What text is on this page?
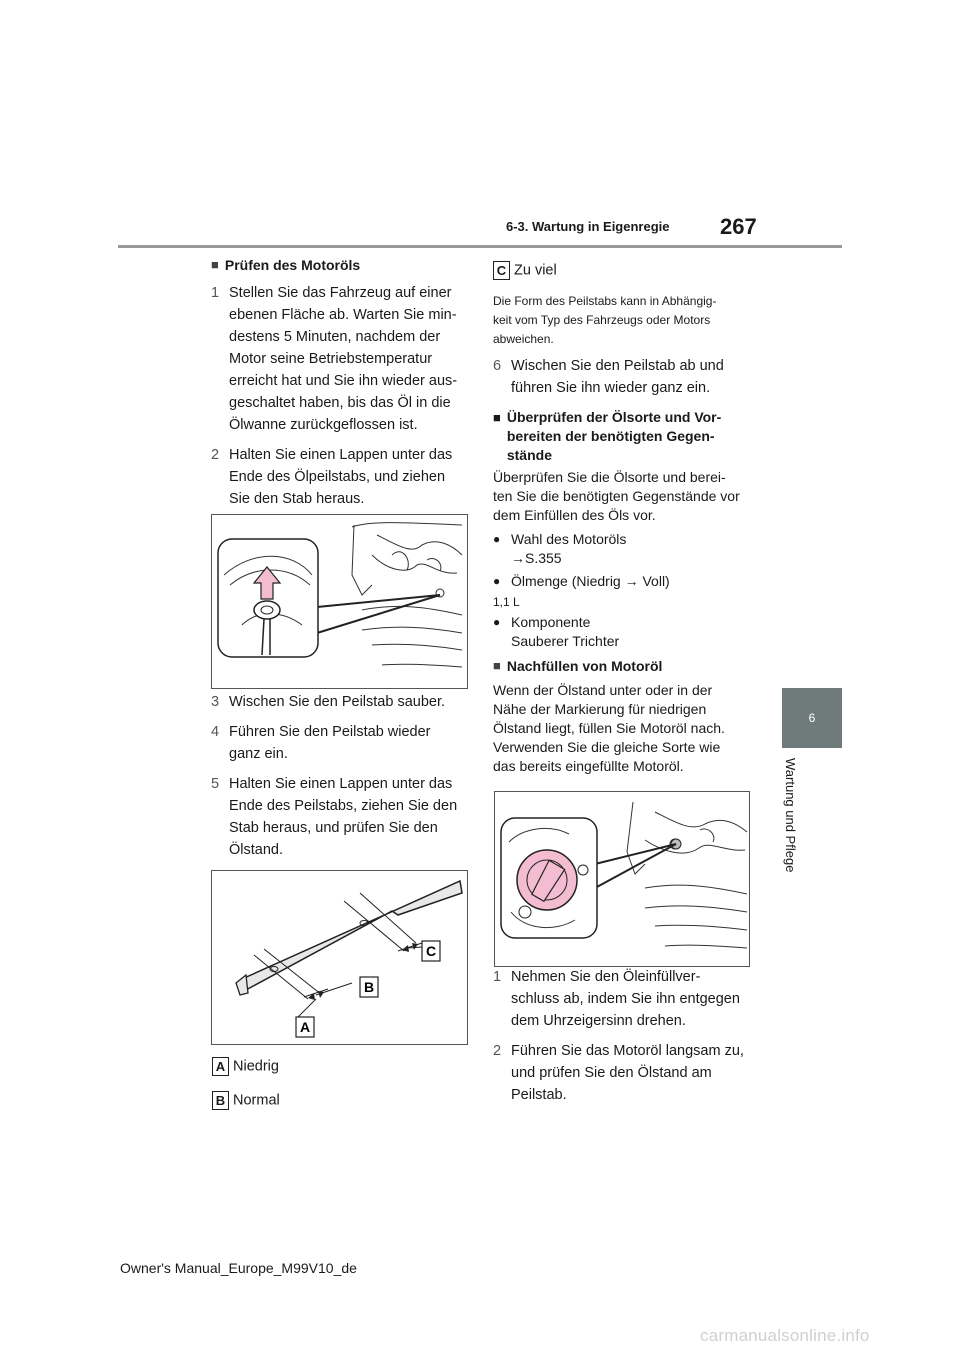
6-3. Wartung in Eigenregie 267
6
Wartung und Pflege
■ Prüfen des Motoröls
1 Stellen Sie das Fahrzeug auf einer
ebenen Fläche ab. Warten Sie min-
destens 5 Minuten, nachdem der
Motor seine Betriebstemperatur
erreicht hat und Sie ihn wieder aus-
geschaltet haben, bis das Öl in die
Ölwanne zurückgeflossen ist.
2 Halten Sie einen Lappen unter das
Ende des Ölpeilstabs, und ziehen
Sie den Stab heraus.
3 Wischen Sie den Peilstab sauber.
4 Führen Sie den Peilstab wieder
ganz ein.
5 Halten Sie einen Lappen unter das
Ende des Peilstabs, ziehen Sie den
Stab heraus, und prüfen Sie den
Ölstand.
C
B
A
A Niedrig
B Normal
C Zu viel
Die Form des Peilstabs kann in Abhängig-
keit vom Typ des Fahrzeugs oder Motors
abweichen.
6 Wischen Sie den Peilstab ab und
führen Sie ihn wieder ganz ein.
■ Überprüfen der Ölsorte und Vor-
bereiten der benötigten Gegen-
stände
Überprüfen Sie die Ölsorte und berei-
ten Sie die benötigten Gegenstände vor
dem Einfüllen des Öls vor.
● Wahl des Motoröls
→S.355
● Ölmenge (Niedrig → Voll)
1,1 L
● Komponente
Sauberer Trichter
■ Nachfüllen von Motoröl
Wenn der Ölstand unter oder in der
Nähe der Markierung für niedrigen
Ölstand liegt, füllen Sie Motoröl nach.
Verwenden Sie die gleiche Sorte wie
das bereits eingefüllte Motoröl.
1 Nehmen Sie den Öleinfüllver-
schluss ab, indem Sie ihn entgegen
dem Uhrzeigersinn drehen.
2 Führen Sie das Motoröl langsam zu,
und prüfen Sie den Ölstand am
Peilstab.
Owner's Manual_Europe_M99V10_de
carmanualsonline.info
